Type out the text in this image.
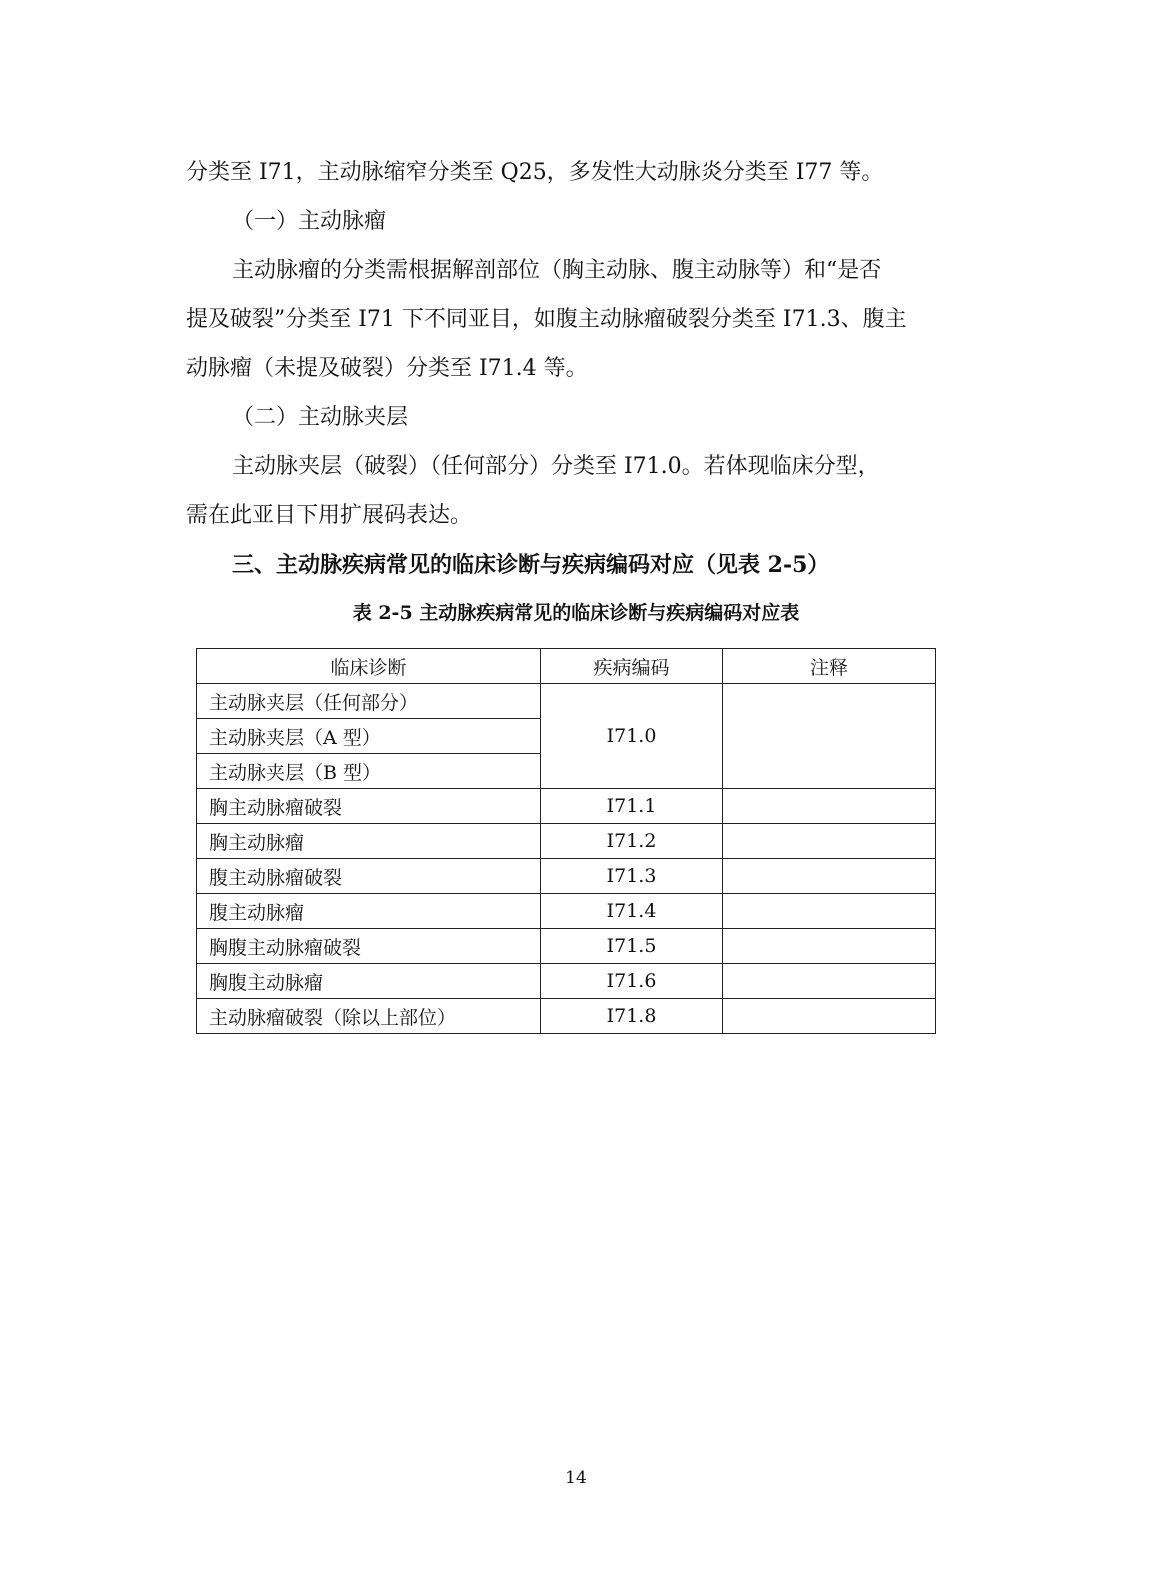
分类至 I71，主动脉缩窄分类至 Q25，多发性大动脉炎分类至 I77 等。
（一）主动脉瘤
主动脉瘤的分类需根据解剖部位（胸主动脉、腹主动脉等）和“是否
提及破裂”分类至 I71 下不同亚目，如腹主动脉瘤破裂分类至 I71.3、腹主
动脉瘤（未提及破裂）分类至 I71.4 等。
（二）主动脉夹层
主动脉夹层（破裂）（任何部分）分类至 I71.0。若体现临床分型，
需在此亚目下用扩展码表达。
三、主动脉疾病常见的临床诊断与疾病编码对应（见表 2-5）
表 2-5 主动脉疾病常见的临床诊断与疾病编码对应表
临床诊断	疾病编码	注释
主动脉夹层（任何部分）	I71.0	
主动脉夹层（A 型）		
主动脉夹层（B 型）		
胸主动脉瘤破裂	I71.1	
胸主动脉瘤	I71.2	
腹主动脉瘤破裂	I71.3	
腹主动脉瘤	I71.4	
胸腹主动脉瘤破裂	I71.5	
胸腹主动脉瘤	I71.6	
主动脉瘤破裂（除以上部位）	I71.8	
14
